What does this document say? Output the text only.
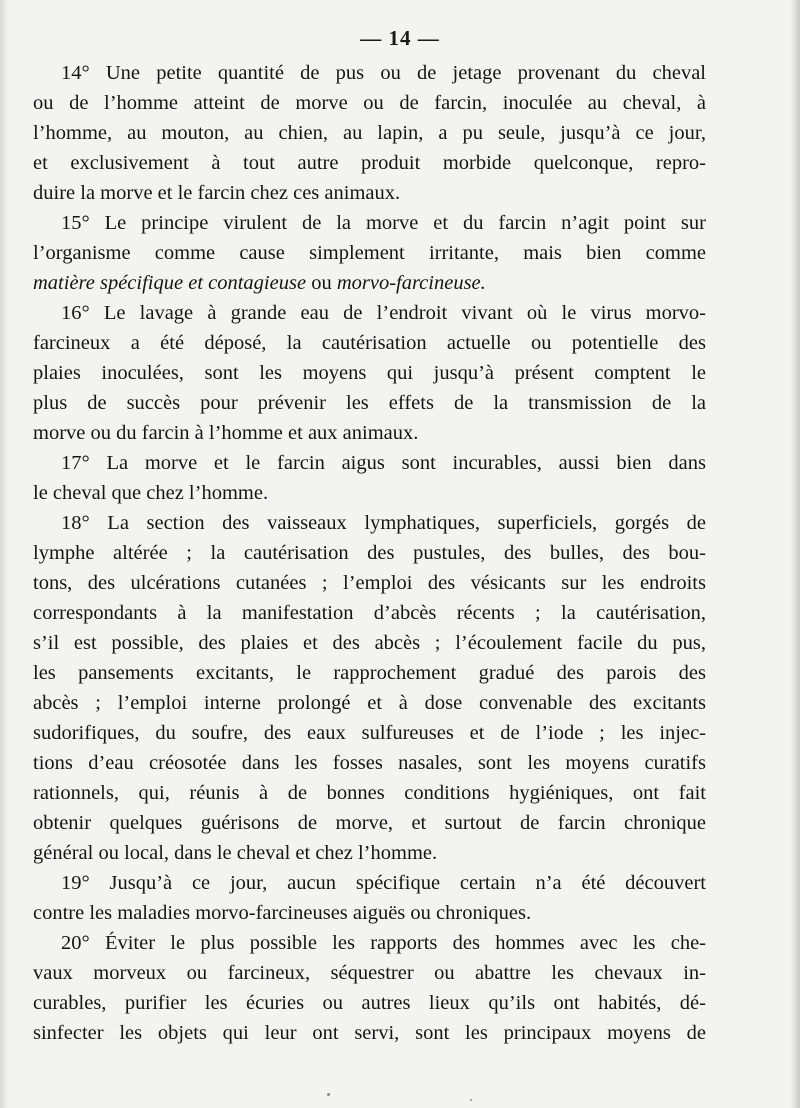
— 14 —
14° Une petite quantité de pus ou de jetage provenant du cheval
ou de l’homme atteint de morve ou de farcin, inoculée au cheval, à
l’homme, au mouton, au chien, au lapin, a pu seule, jusqu’à ce jour,
et exclusivement à tout autre produit morbide quelconque, repro-
duire la morve et le farcin chez ces animaux.
15° Le principe virulent de la morve et du farcin n’agit point sur
l’organisme comme cause simplement irritante, mais bien comme
matière spécifique et contagieuse ou morvo-farcineuse.
16° Le lavage à grande eau de l’endroit vivant où le virus morvo-
farcineux a été déposé, la cautérisation actuelle ou potentielle des
plaies inoculées, sont les moyens qui jusqu’à présent comptent le
plus de succès pour prévenir les effets de la transmission de la
morve ou du farcin à l’homme et aux animaux.
17° La morve et le farcin aigus sont incurables, aussi bien dans
le cheval que chez l’homme.
18° La section des vaisseaux lymphatiques, superficiels, gorgés de
lymphe altérée ; la cautérisation des pustules, des bulles, des bou-
tons, des ulcérations cutanées ; l’emploi des vésicants sur les endroits
correspondants à la manifestation d’abcès récents ; la cautérisation,
s’il est possible, des plaies et des abcès ; l’écoulement facile du pus,
les pansements excitants, le rapprochement gradué des parois des
abcès ; l’emploi interne prolongé et à dose convenable des excitants
sudorifiques, du soufre, des eaux sulfureuses et de l’iode ; les injec-
tions d’eau créosotée dans les fosses nasales, sont les moyens curatifs
rationnels, qui, réunis à de bonnes conditions hygiéniques, ont fait
obtenir quelques guérisons de morve, et surtout de farcin chronique
général ou local, dans le cheval et chez l’homme.
19° Jusqu’à ce jour, aucun spécifique certain n’a été découvert
contre les maladies morvo-farcineuses aiguës ou chroniques.
20° Éviter le plus possible les rapports des hommes avec les che-
vaux morveux ou farcineux, séquestrer ou abattre les chevaux in-
curables, purifier les écuries ou autres lieux qu’ils ont habités, dé-
sinfecter les objets qui leur ont servi, sont les principaux moyens de
